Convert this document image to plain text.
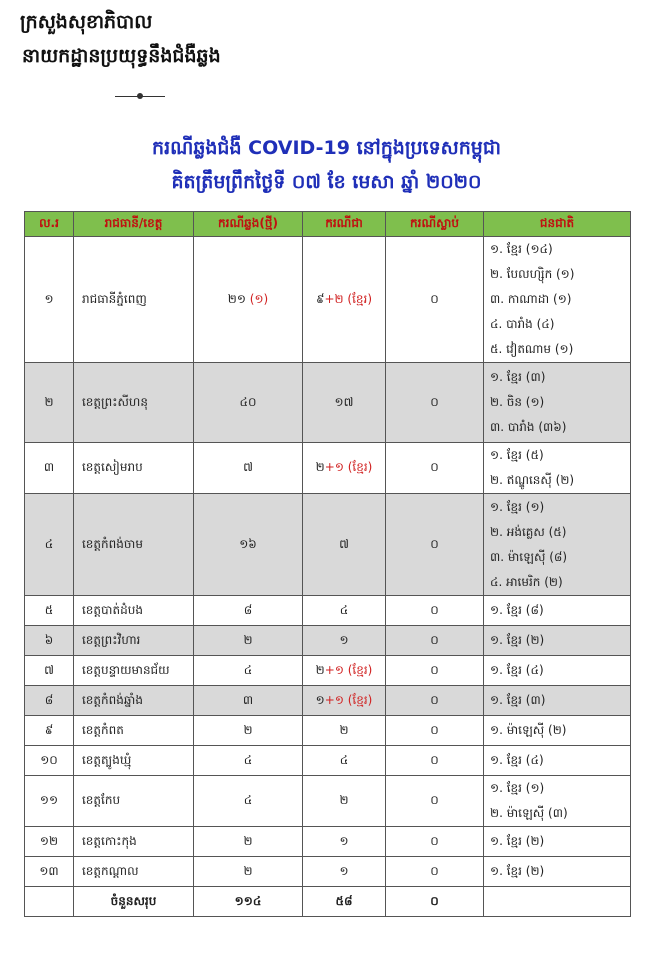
ក្រសួងសុខាភិបាល
នាយកដ្ឋានប្រយុទ្ធនឹងជំងឺឆ្លង
ករណីឆ្លងជំងឺ COVID-19 នៅក្នុងប្រទេសកម្ពុជា
គិតត្រឹមព្រឹកថ្ងៃទី ០៧ ខែ មេសា ឆ្នាំ ២០២០
ល.រ	រាជធានី/ខេត្ត	ករណីឆ្លង(ថ្មី)	ករណីជា	ករណីស្លាប់	ជនជាតិ
១	រាជធានីភ្នំពេញ	២១ (១)	៩+២ (ខ្មែរ)	០	១. ខ្មែរ (១៤)
២. បែលហ្ស៊ិក (១)
៣. កាណាដា (១)
៤. បារាំង (៤)
៥. វៀតណាម (១)

២	ខេត្តព្រះសីហនុ	៤០	១៧	០	១. ខ្មែរ (៣)
២. ចិន (១)
៣. បារាំង (៣៦)

៣	ខេត្តសៀមរាប	៧	២+១ (ខ្មែរ)	០	១. ខ្មែរ (៥)
២. ឥណ្ឌូនេស៊ី (២)

៤	ខេត្តកំពង់ចាម	១៦	៧	០	១. ខ្មែរ (១)
២. អង់គ្លេស (៥)
៣. ម៉ាឡេស៊ី (៨)
៤. អាមេរិក (២)

៥	ខេត្តបាត់ដំបង	៨	៤	០	១. ខ្មែរ (៨)

៦	ខេត្តព្រះវិហារ	២	១	០	១. ខ្មែរ (២)

៧	ខេត្តបន្ទាយមានជ័យ	៤	២+១ (ខ្មែរ)	០	១. ខ្មែរ (៤)

៨	ខេត្តកំពង់ឆ្នាំង	៣	១+១ (ខ្មែរ)	០	១. ខ្មែរ (៣)

៩	ខេត្តកំពត	២	២	០	១. ម៉ាឡេស៊ី (២)

១០	ខេត្តត្បូងឃ្មុំ	៤	៤	០	១. ខ្មែរ (៤)

១១	ខេត្តកែប	៤	២	០	១. ខ្មែរ (១)
២. ម៉ាឡេស៊ី (៣)

១២	ខេត្តកោះកុង	២	១	០	១. ខ្មែរ (២)

១៣	ខេត្តកណ្ដាល	២	១	០	១. ខ្មែរ (២)

	ចំនួនសរុប	១១៤	៥៨	០	
